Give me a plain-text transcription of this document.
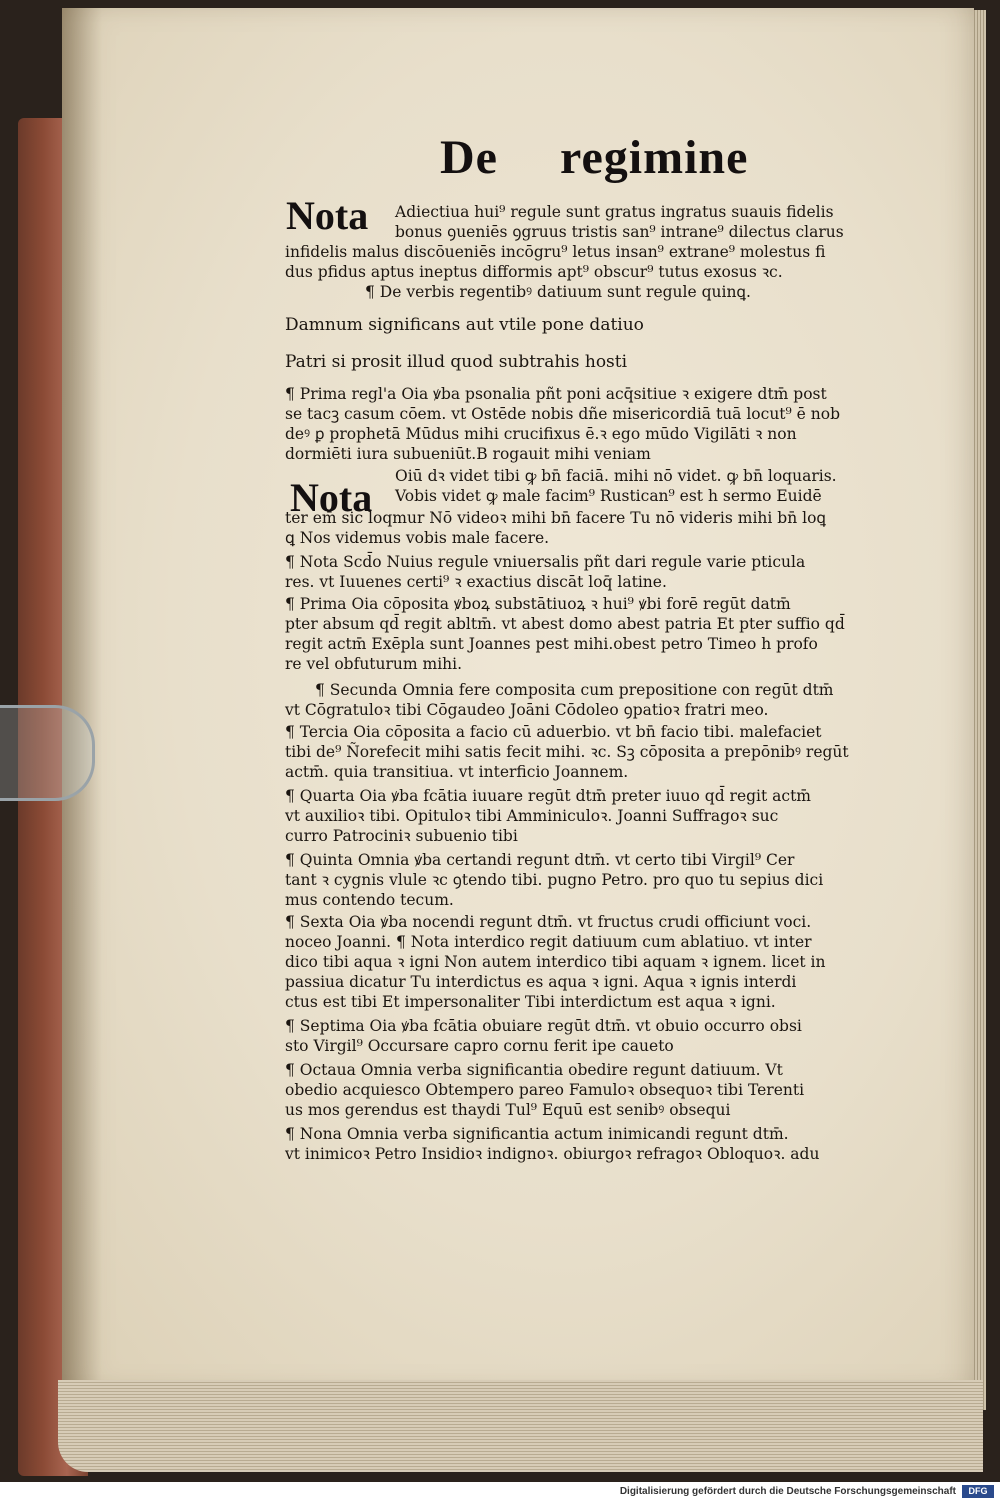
De regimine
Nota
Nota
Adiectiua hui⁹ regule sunt gratus ingratus suauis fidelis
bonus ꝯueniēs ꝯgruus tristis san⁹ intrane⁹ dilectus clarus
infidelis malus discōueniēs incōgru⁹ letus insan⁹ extrane⁹ molestus fi
dus pfidus aptus ineptus difformis apt⁹ obscur⁹ tutus exosus ꝛc.
¶ De verbis regentibꝰ datiuum sunt regule quinꝗ.
Damnum significans aut vtile pone datiuo
Patri si prosit illud quod subtrahis hosti
¶ Prima regl'a Oia ꝟba psonalia pñt poni acq̄sitiue ꝛ exigere dtm̄ post
se tacꝫ casum cōem. vt Ostēde nobis dñe misericordiā tuā locut⁹ ē nob
deꝰ ꝑ prophetā Mūdus mihi crucifixus ē.ꝛ ego mūdo Vigilāti ꝛ non
dormiēti iura subueniūt.B rogauit mihi veniam
Oiū dꝛ videt tibi ꝙ bn̄ faciā. mihi nō videt. ꝙ bn̄ loquaris.
Vobis videt ꝙ male facim⁹ Rustican⁹ est h sermo Euidē
ter em̄ sic loqmur Nō videoꝛ mihi bn̄ facere Tu nō videris mihi bn̄ loꝗ
ꝗ Nos videmus vobis male facere.
¶ Nota Scd̄o Nuius regule vniuersalis pñt dari regule varie pticula
res. vt Iuuenes certi⁹ ꝛ exactius discāt loq̄ latine.
¶ Prima Oia cōposita ꝟboꝝ substātiuoꝝ ꝛ hui⁹ ꝟbi forē regūt datm̄
pter absum qd̄ regit abltm̄. vt abest domo abest patria Et pter suffio qd̄
regit actm̄ Exēpla sunt Joannes pest mihi.obest petro Timeo h profo
re vel obfuturum mihi.
¶ Secunda Omnia fere composita cum prepositione con regūt dtm̄
vt Cōgratuloꝛ tibi Cōgaudeo Joāni Cōdoleo ꝯpatioꝛ fratri meo.
¶ Tercia Oia cōposita a facio cū aduerbio. vt bn̄ facio tibi. malefaciet
tibi de⁹ Ñorefecit mihi satis fecit mihi. ꝛc. Sꝫ cōposita a prepōnibꝰ regūt
actm̄. quia transitiua. vt interficio Joannem.
¶ Quarta Oia ꝟba fcātia iuuare regūt dtm̄ preter iuuo qd̄ regit actm̄
vt auxilioꝛ tibi. Opituloꝛ tibi Amminiculoꝛ. Joanni Suffragoꝛ suc
curro Patrociniꝛ subuenio tibi
¶ Quinta Omnia ꝟba certandi regunt dtm̄. vt certo tibi Virgil⁹ Cer
tant ꝛ cygnis vlule ꝛc ꝯtendo tibi. pugno Petro. pro quo tu sepius dici
mus contendo tecum.
¶ Sexta Oia ꝟba nocendi regunt dtm̄. vt fructus crudi officiunt voci.
noceo Joanni. ¶ Nota interdico regit datiuum cum ablatiuo. vt inter
dico tibi aqua ꝛ igni Non autem interdico tibi aquam ꝛ ignem. licet in
passiua dicatur Tu interdictus es aqua ꝛ igni. Aqua ꝛ ignis interdi
ctus est tibi Et impersonaliter Tibi interdictum est aqua ꝛ igni.
¶ Septima Oia ꝟba fcātia obuiare regūt dtm̄. vt obuio occurro obsi
sto Virgil⁹ Occursare capro cornu ferit ipe caueto
¶ Octaua Omnia verba significantia obedire regunt datiuum. Vt
obedio acquiesco Obtempero pareo Famuloꝛ obsequoꝛ tibi Terenti
us mos gerendus est thaydi Tul⁹ Equū est senibꝰ obsequi
¶ Nona Omnia verba significantia actum inimicandi regunt dtm̄.
vt inimicoꝛ Petro Insidioꝛ indignoꝛ. obiurgoꝛ refragoꝛ Obloquoꝛ. adu
Digitalisierung gefördert durch die Deutsche Forschungsgemeinschaft	DFG
